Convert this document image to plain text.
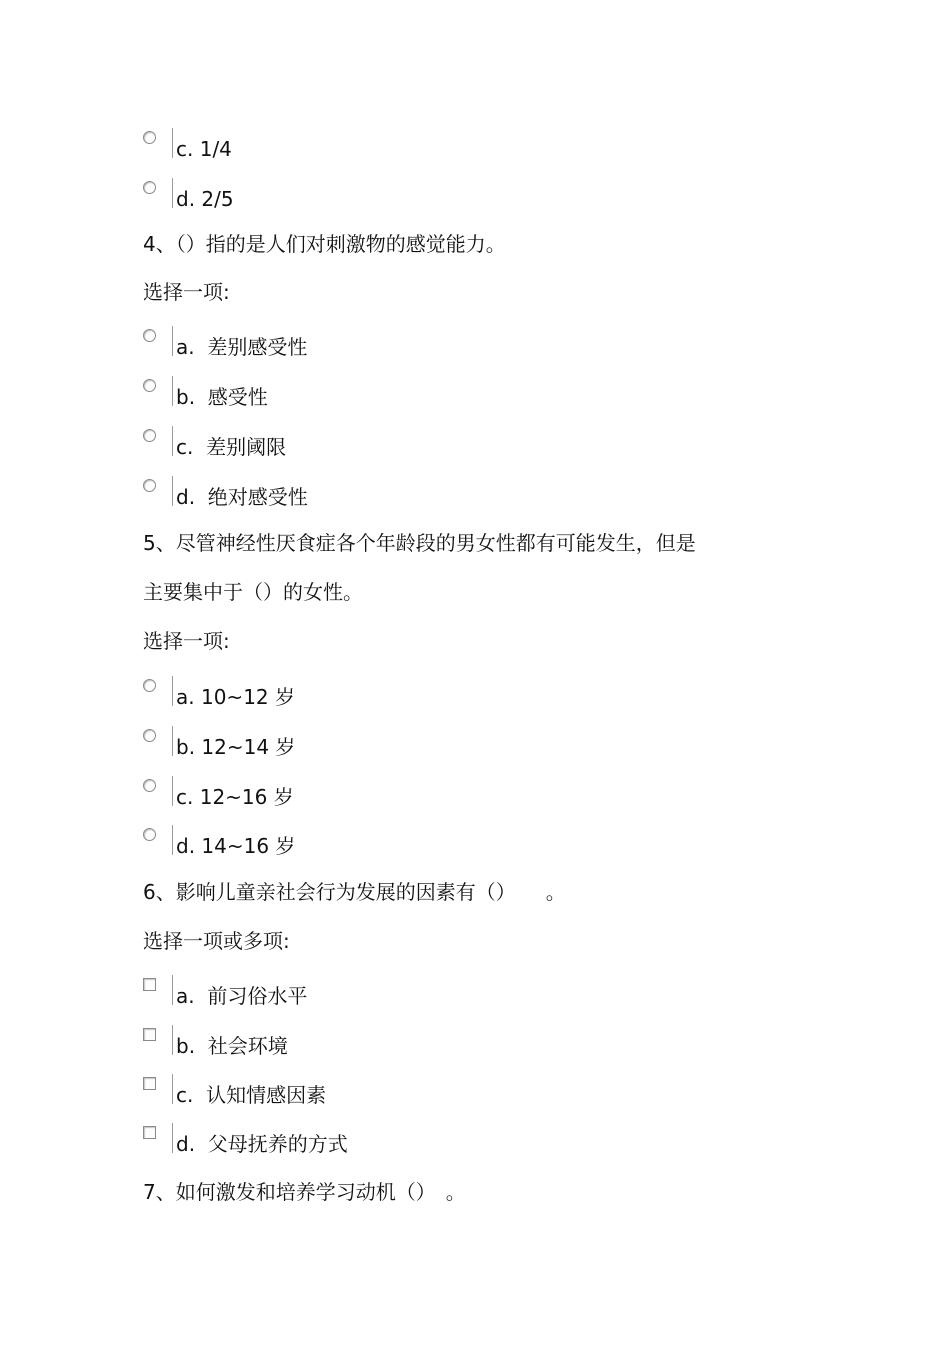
c. 1/4
d. 2/5
4、（）指的是人们对刺激物的感觉能力。
选择一项:
a. 差别感受性
b. 感受性
c. 差别阈限
d. 绝对感受性
5、尽管神经性厌食症各个年龄段的男女性都有可能发生，但是
主要集中于（）的女性。
选择一项:
a. 10~12 岁
b. 12~14 岁
c. 12~16 岁
d. 14~16 岁
6、影响儿童亲社会行为发展的因素有（）　　。
选择一项或多项:
a. 前习俗水平
b. 社会环境
c. 认知情感因素
d. 父母抚养的方式
7、如何激发和培养学习动机（）　。
